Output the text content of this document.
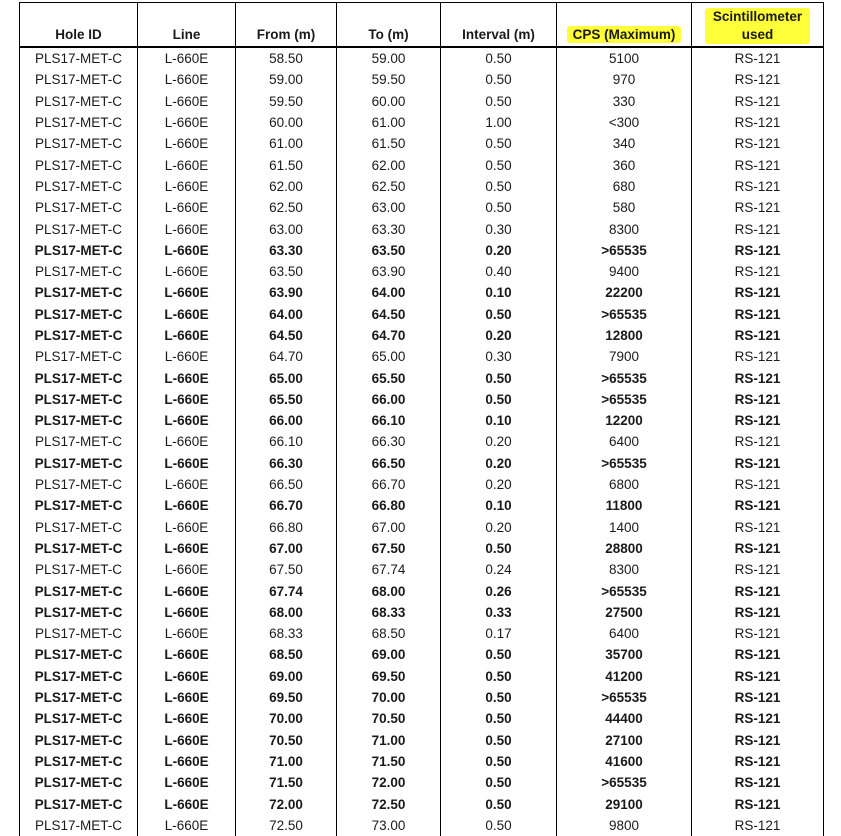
Hole ID	Line	From (m)	To (m)	Interval (m)	CPS (Maximum)	Scintillometer
used
PLS17-MET-C	L-660E	58.50	59.00	0.50	5100	RS-121
PLS17-MET-C	L-660E	59.00	59.50	0.50	970	RS-121
PLS17-MET-C	L-660E	59.50	60.00	0.50	330	RS-121
PLS17-MET-C	L-660E	60.00	61.00	1.00	<300	RS-121
PLS17-MET-C	L-660E	61.00	61.50	0.50	340	RS-121
PLS17-MET-C	L-660E	61.50	62.00	0.50	360	RS-121
PLS17-MET-C	L-660E	62.00	62.50	0.50	680	RS-121
PLS17-MET-C	L-660E	62.50	63.00	0.50	580	RS-121
PLS17-MET-C	L-660E	63.00	63.30	0.30	8300	RS-121
PLS17-MET-C	L-660E	63.30	63.50	0.20	>65535	RS-121
PLS17-MET-C	L-660E	63.50	63.90	0.40	9400	RS-121
PLS17-MET-C	L-660E	63.90	64.00	0.10	22200	RS-121
PLS17-MET-C	L-660E	64.00	64.50	0.50	>65535	RS-121
PLS17-MET-C	L-660E	64.50	64.70	0.20	12800	RS-121
PLS17-MET-C	L-660E	64.70	65.00	0.30	7900	RS-121
PLS17-MET-C	L-660E	65.00	65.50	0.50	>65535	RS-121
PLS17-MET-C	L-660E	65.50	66.00	0.50	>65535	RS-121
PLS17-MET-C	L-660E	66.00	66.10	0.10	12200	RS-121
PLS17-MET-C	L-660E	66.10	66.30	0.20	6400	RS-121
PLS17-MET-C	L-660E	66.30	66.50	0.20	>65535	RS-121
PLS17-MET-C	L-660E	66.50	66.70	0.20	6800	RS-121
PLS17-MET-C	L-660E	66.70	66.80	0.10	11800	RS-121
PLS17-MET-C	L-660E	66.80	67.00	0.20	1400	RS-121
PLS17-MET-C	L-660E	67.00	67.50	0.50	28800	RS-121
PLS17-MET-C	L-660E	67.50	67.74	0.24	8300	RS-121
PLS17-MET-C	L-660E	67.74	68.00	0.26	>65535	RS-121
PLS17-MET-C	L-660E	68.00	68.33	0.33	27500	RS-121
PLS17-MET-C	L-660E	68.33	68.50	0.17	6400	RS-121
PLS17-MET-C	L-660E	68.50	69.00	0.50	35700	RS-121
PLS17-MET-C	L-660E	69.00	69.50	0.50	41200	RS-121
PLS17-MET-C	L-660E	69.50	70.00	0.50	>65535	RS-121
PLS17-MET-C	L-660E	70.00	70.50	0.50	44400	RS-121
PLS17-MET-C	L-660E	70.50	71.00	0.50	27100	RS-121
PLS17-MET-C	L-660E	71.00	71.50	0.50	41600	RS-121
PLS17-MET-C	L-660E	71.50	72.00	0.50	>65535	RS-121
PLS17-MET-C	L-660E	72.00	72.50	0.50	29100	RS-121
PLS17-MET-C	L-660E	72.50	73.00	0.50	9800	RS-121
